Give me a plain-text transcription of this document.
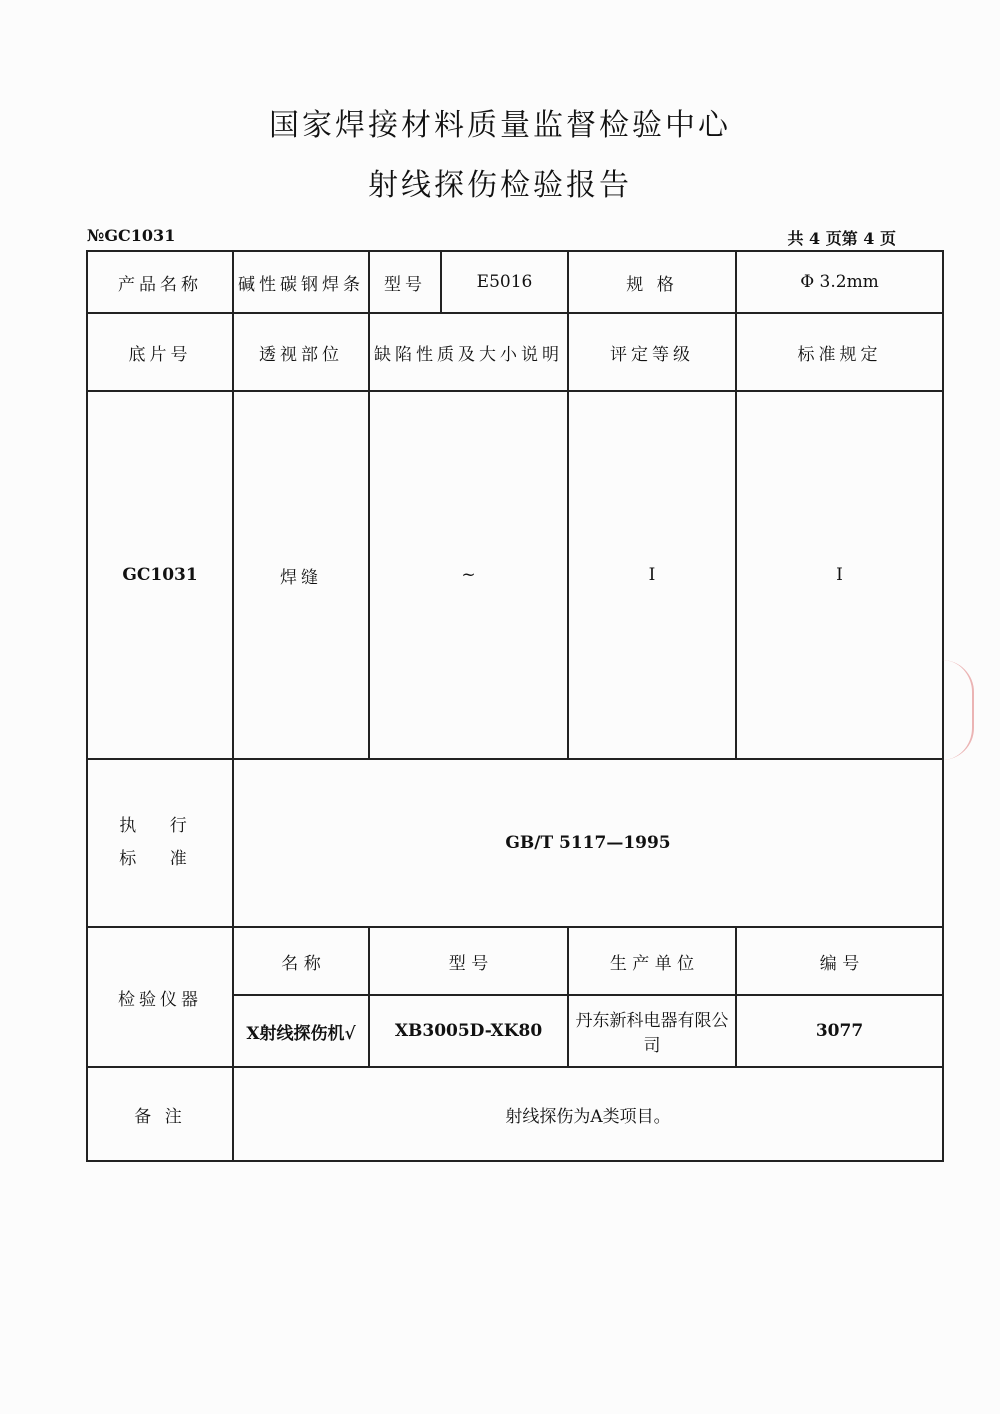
国家焊接材料质量监督检验中心
射线探伤检验报告
№GC1031	共 4 页第 4 页
产品名称	碱性碳钢焊条	型号	E5016	规 格	Φ 3.2mm
底片号	透视部位	缺陷性质及大小说明		评定等级	标准规定
GC1031	焊缝	~		I	I

执 行
标 准	GB/T 5117—1995				
检验仪器	名 称	型 号		生 产 单 位	编 号
	X射线探伤机√	XB3005D-XK80		丹东新科电器有限公司	3077
备 注	射线探伤为A类项目。				
